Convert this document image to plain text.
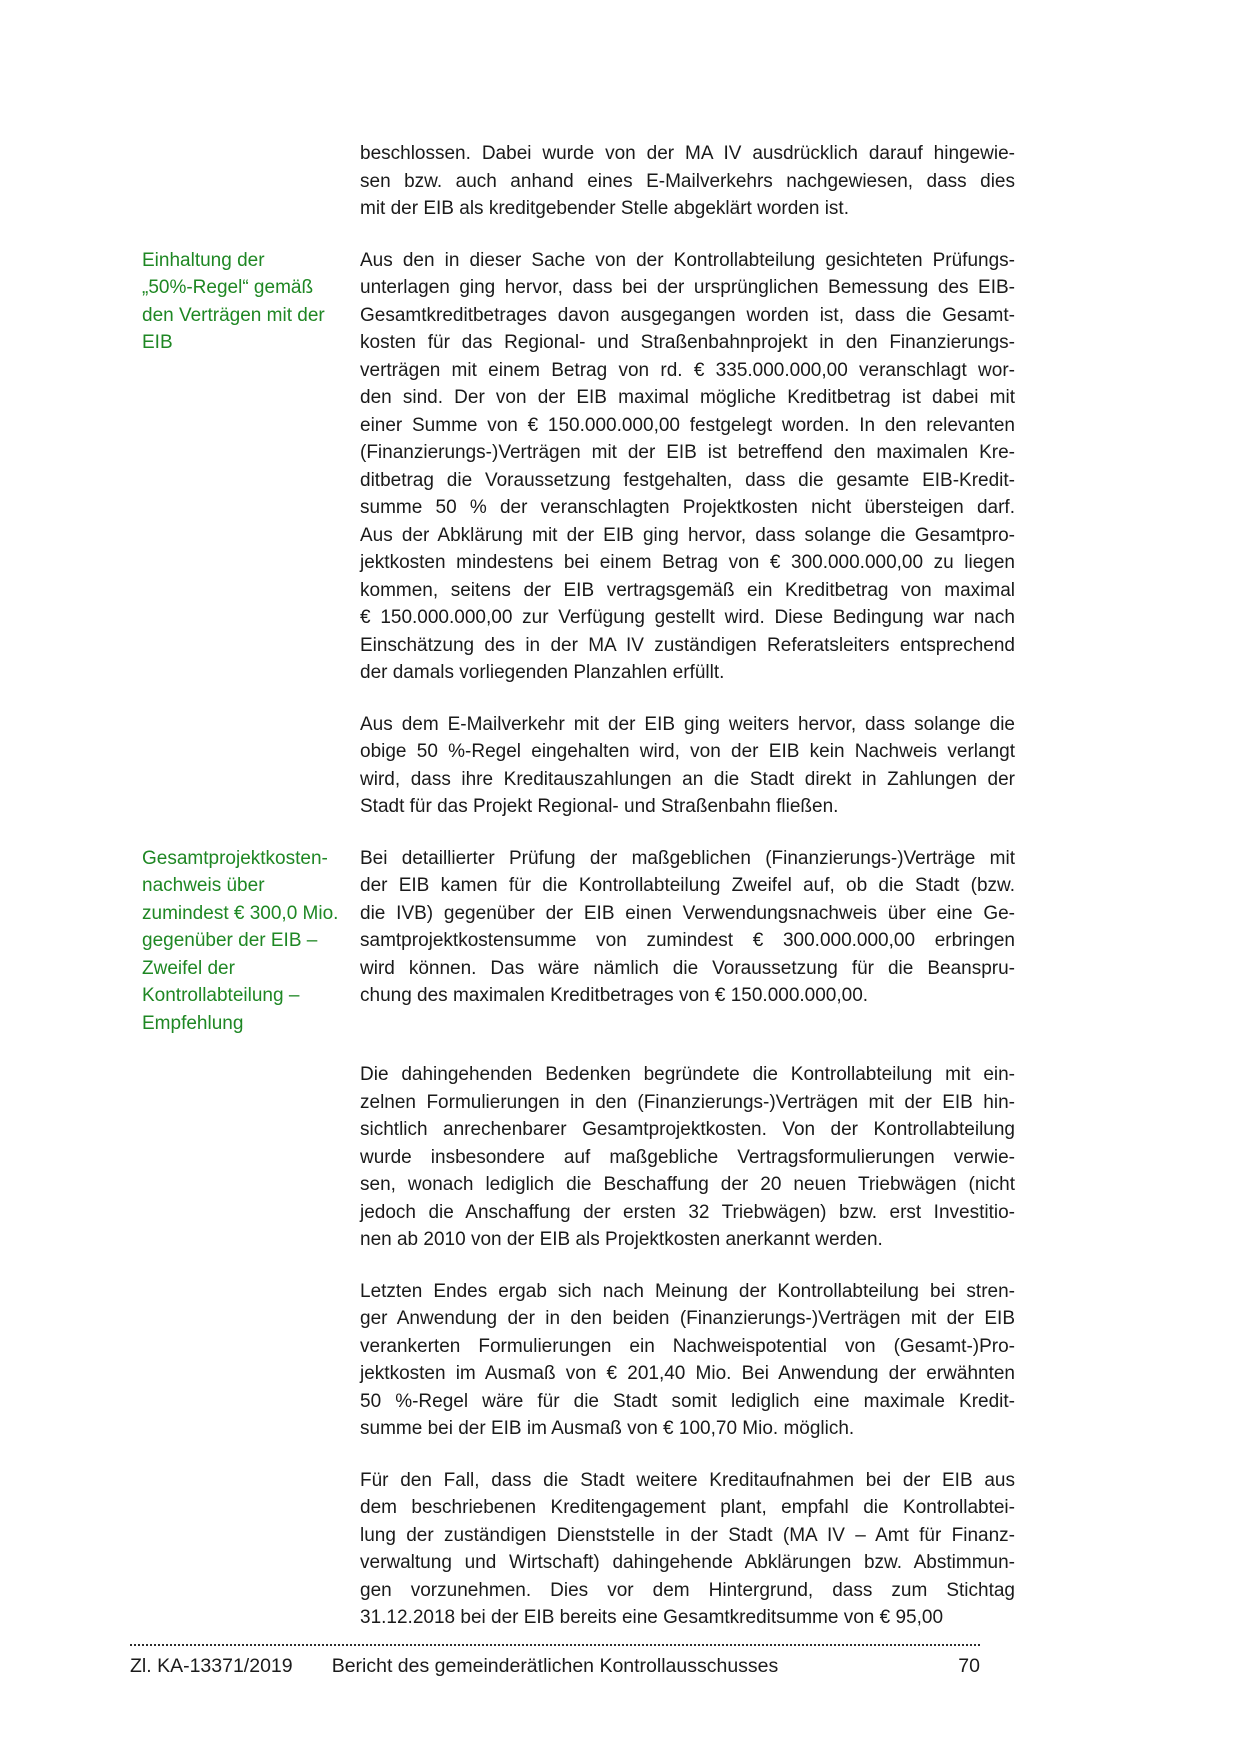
beschlossen. Dabei wurde von der MA IV ausdrücklich darauf hingewie-
sen bzw. auch anhand eines E-Mailverkehrs nachgewiesen, dass dies
mit der EIB als kreditgebender Stelle abgeklärt worden ist.
Einhaltung der
„50%-Regel“ gemäß
den Verträgen mit der
EIB
Aus den in dieser Sache von der Kontrollabteilung gesichteten Prüfungs-
unterlagen ging hervor, dass bei der ursprünglichen Bemessung des EIB-
Gesamtkreditbetrages davon ausgegangen worden ist, dass die Gesamt-
kosten für das Regional- und Straßenbahnprojekt in den Finanzierungs-
verträgen mit einem Betrag von rd. € 335.000.000,00 veranschlagt wor-
den sind. Der von der EIB maximal mögliche Kreditbetrag ist dabei mit
einer Summe von € 150.000.000,00 festgelegt worden. In den relevanten
(Finanzierungs-)Verträgen mit der EIB ist betreffend den maximalen Kre-
ditbetrag die Voraussetzung festgehalten, dass die gesamte EIB-Kredit-
summe 50 % der veranschlagten Projektkosten nicht übersteigen darf.
Aus der Abklärung mit der EIB ging hervor, dass solange die Gesamtpro-
jektkosten mindestens bei einem Betrag von € 300.000.000,00 zu liegen
kommen, seitens der EIB vertragsgemäß ein Kreditbetrag von maximal
€ 150.000.000,00 zur Verfügung gestellt wird. Diese Bedingung war nach
Einschätzung des in der MA IV zuständigen Referatsleiters entsprechend
der damals vorliegenden Planzahlen erfüllt.
Aus dem E-Mailverkehr mit der EIB ging weiters hervor, dass solange die
obige 50 %-Regel eingehalten wird, von der EIB kein Nachweis verlangt
wird, dass ihre Kreditauszahlungen an die Stadt direkt in Zahlungen der
Stadt für das Projekt Regional- und Straßenbahn fließen.
Gesamtprojektkosten-
nachweis über
zumindest € 300,0 Mio.
gegenüber der EIB –
Zweifel der
Kontrollabteilung –
Empfehlung
Bei detaillierter Prüfung der maßgeblichen (Finanzierungs-)Verträge mit
der EIB kamen für die Kontrollabteilung Zweifel auf, ob die Stadt (bzw.
die IVB) gegenüber der EIB einen Verwendungsnachweis über eine Ge-
samtprojektkostensumme von zumindest € 300.000.000,00 erbringen
wird können. Das wäre nämlich die Voraussetzung für die Beanspru-
chung des maximalen Kreditbetrages von € 150.000.000,00.
Die dahingehenden Bedenken begründete die Kontrollabteilung mit ein-
zelnen Formulierungen in den (Finanzierungs-)Verträgen mit der EIB hin-
sichtlich anrechenbarer Gesamtprojektkosten. Von der Kontrollabteilung
wurde insbesondere auf maßgebliche Vertragsformulierungen verwie-
sen, wonach lediglich die Beschaffung der 20 neuen Triebwägen (nicht
jedoch die Anschaffung der ersten 32 Triebwägen) bzw. erst Investitio-
nen ab 2010 von der EIB als Projektkosten anerkannt werden.
Letzten Endes ergab sich nach Meinung der Kontrollabteilung bei stren-
ger Anwendung der in den beiden (Finanzierungs-)Verträgen mit der EIB
verankerten Formulierungen ein Nachweispotential von (Gesamt-)Pro-
jektkosten im Ausmaß von € 201,40 Mio. Bei Anwendung der erwähnten
50 %-Regel wäre für die Stadt somit lediglich eine maximale Kredit-
summe bei der EIB im Ausmaß von € 100,70 Mio. möglich.
Für den Fall, dass die Stadt weitere Kreditaufnahmen bei der EIB aus
dem beschriebenen Kreditengagement plant, empfahl die Kontrollabtei-
lung der zuständigen Dienststelle in der Stadt (MA IV – Amt für Finanz-
verwaltung und Wirtschaft) dahingehende Abklärungen bzw. Abstimmun-
gen vorzunehmen. Dies vor dem Hintergrund, dass zum Stichtag
31.12.2018 bei der EIB bereits eine Gesamtkreditsumme von € 95,00
Zl. KA-13371/2019	Bericht des gemeinderätlichen Kontrollausschusses	70
